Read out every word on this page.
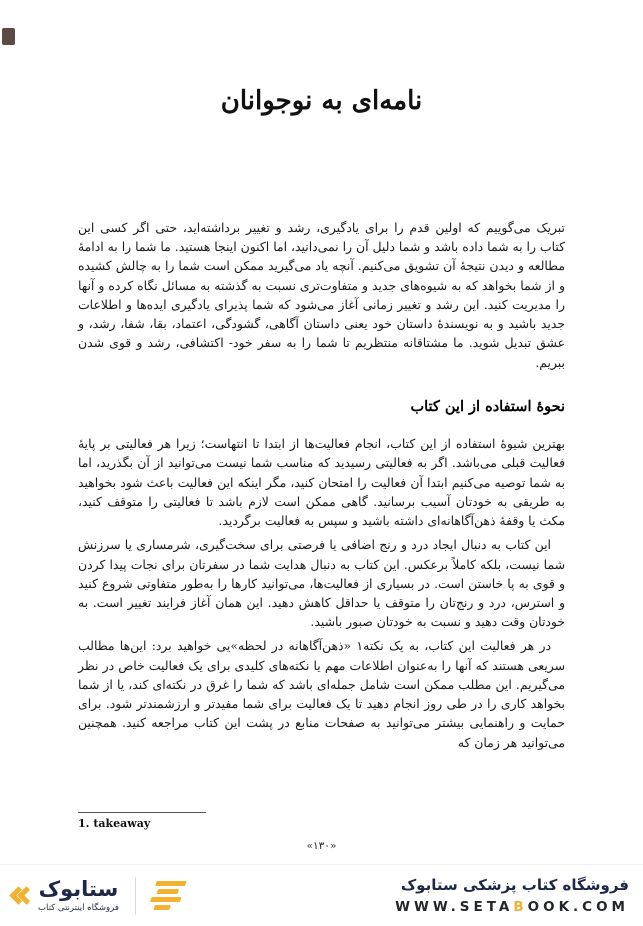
نامه‌ای به نوجوانان

تبریک می‌گوییم که اولین قدم را برای یادگیری، رشد و تغییر برداشته‌اید، حتی اگر کسی این کتاب را به شما داده باشد و شما دلیل آن را نمی‌دانید، اما اکنون اینجا هستید. ما شما را به ادامهٔ مطالعه و دیدن نتیجهٔ آن تشویق می‌کنیم. آنچه یاد می‌گیرید ممکن است شما را به چالش کشیده و از شما بخواهد که به شیوه‌های جدید و متفاوت‌تری نسبت به گذشته به مسائل نگاه کرده و آنها را مدیریت کنید. این رشد و تغییر زمانی آغاز می‌شود که شما پذیرای یادگیری ایده‌ها و اطلاعات جدید باشید و به نویسندهٔ داستان خود یعنی داستان آگاهی، گشودگی، اعتماد، بقا، شفا، رشد، و عشق تبدیل شوید. ما مشتاقانه منتظریم تا شما را به سفر خود- اکتشافی، رشد و قوی شدن ببریم.

نحوهٔ استفاده از این کتاب

بهترین شیوهٔ استفاده از این کتاب، انجام فعالیت‌ها از ابتدا تا انتهاست؛ زیرا هر فعالیتی بر پایهٔ فعالیت قبلی می‌باشد. اگر به فعالیتی رسیدید که مناسب شما نیست می‌توانید از آن بگذرید، اما به شما توصیه می‌کنیم ابتدا آن فعالیت را امتحان کنید، مگر اینکه این فعالیت باعث شود بخواهید به طریقی به خودتان آسیب برسانید. گاهی ممکن است لازم باشد تا فعالیتی را متوقف کنید، مکث یا وقفهٔ ذهن‌آگاهانه‌ای داشته باشید و سپس به فعالیت برگردید.

این کتاب به دنبال ایجاد درد و رنج اضافی یا فرصتی برای سخت‌گیری، شرمساری یا سرزنش شما نیست، بلکه کاملاً برعکس. این کتاب به دنبال هدایت شما در سفرتان برای نجات پیدا کردن و قوی به پا خاستن است. در بسیاری از فعالیت‌ها، می‌توانید کارها را به‌طور متفاوتی شروع کنید و استرس، درد و رنج‌تان را متوقف یا حداقل کاهش دهید. این همان آغاز فرایند تغییر است. به خودتان وقت دهید و نسبت به خودتان صبور باشید.

در هر فعالیت این کتاب، به یک نکته۱ «ذهن‌آگاهانه در لحظه»یی خواهید برد: این‌ها مطالب سریعی هستند که آنها را به‌عنوان اطلاعات مهم یا نکته‌های کلیدی برای یک فعالیت خاص در نظر می‌گیریم. این مطلب ممکن است شامل جمله‌ای باشد که شما را غرق در نکته‌ای کند، یا از شما بخواهد کاری را در طی روز انجام دهید تا یک فعالیت برای شما مفیدتر و ارزشمندتر شود. برای حمایت و راهنمایی بیشتر می‌توانید به صفحات منابع در پشت این کتاب مراجعه کنید. همچنین می‌توانید هر زمان که

1. takeaway
«۱۳۰»
ستابوک
فروشگاه اینترنتی کتاب
فروشگاه کتاب پزشکی ستابوک
WWW.SETABOOK.COM
